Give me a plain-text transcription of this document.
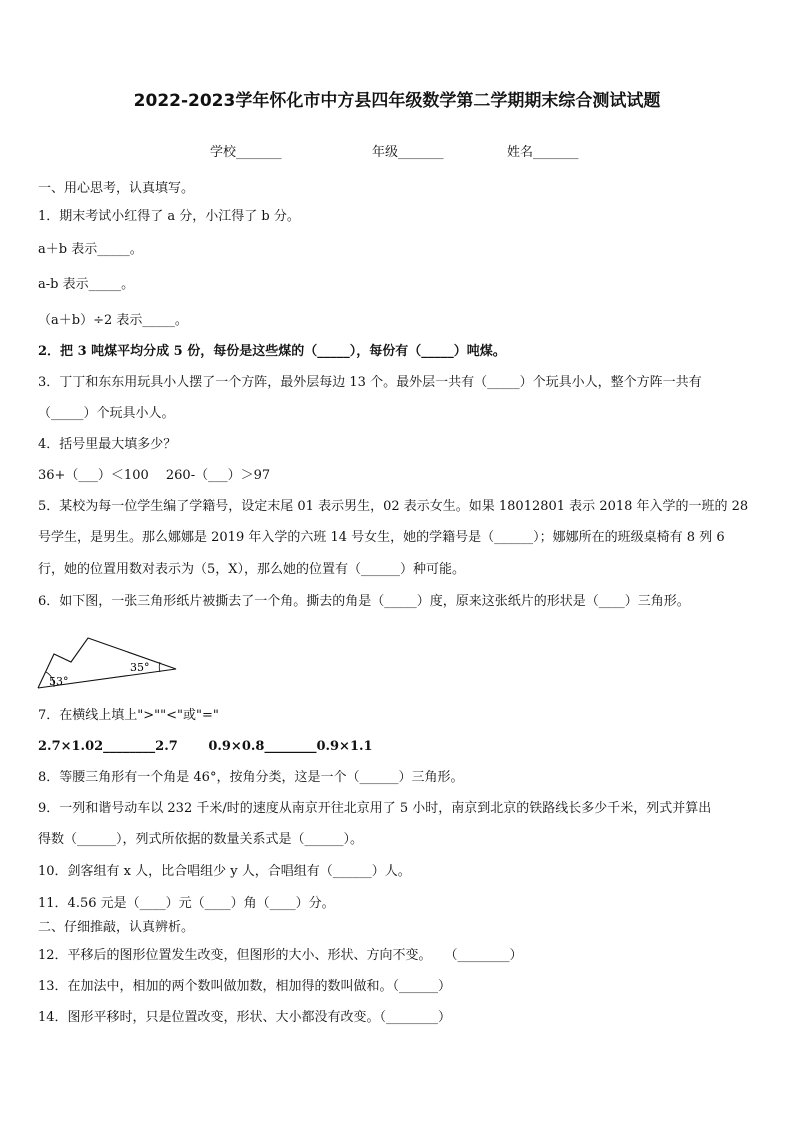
2022-2023学年怀化市中方县四年级数学第二学期期末综合测试试题
学校_______	年级_______	姓名_______
一、用心思考，认真填写。
1．期末考试小红得了 a 分，小江得了 b 分。
a＋b 表示_____。
a-b 表示_____。
（a＋b）÷2 表示_____。
2．把 3 吨煤平均分成 5 份，每份是这些煤的（_____），每份有（_____）吨煤。
3．丁丁和东东用玩具小人摆了一个方阵，最外层每边 13 个。最外层一共有（_____）个玩具小人，整个方阵一共有
（_____）个玩具小人。
4．括号里最大填多少？
36+（___）＜100　 260-（___）＞97
5．某校为每一位学生编了学籍号，设定末尾 01 表示男生，02 表示女生。如果 18012801 表示 2018 年入学的一班的 28
号学生，是男生。那么娜娜是 2019 年入学的六班 14 号女生，她的学籍号是（______）；娜娜所在的班级桌椅有 8 列 6
行，她的位置用数对表示为（5，X），那么她的位置有（______）种可能。
6．如下图，一张三角形纸片被撕去了一个角。撕去的角是（_____）度，原来这张纸片的形状是（____）三角形。
53°
35°
7．在横线上填上">""<"或"="
2.7×1.02________2.7　　 0.9×0.8________0.9×1.1
8．等腰三角形有一个角是 46°，按角分类，这是一个（______）三角形。
9．一列和谐号动车以 232 千米/时的速度从南京开往北京用了 5 小时，南京到北京的铁路线长多少千米，列式并算出
得数（______），列式所依据的数量关系式是（______）。
10．剑客组有 x 人，比合唱组少 y 人，合唱组有（______）人。
11．4.56 元是（____）元（____）角（____）分。
二、仔细推敲，认真辨析。
12．平移后的图形位置发生改变，但图形的大小、形状、方向不变。　　（________）
13．在加法中，相加的两个数叫做加数，相加得的数叫做和。（______）
14．图形平移时，只是位置改变，形状、大小都没有改变。（________）
